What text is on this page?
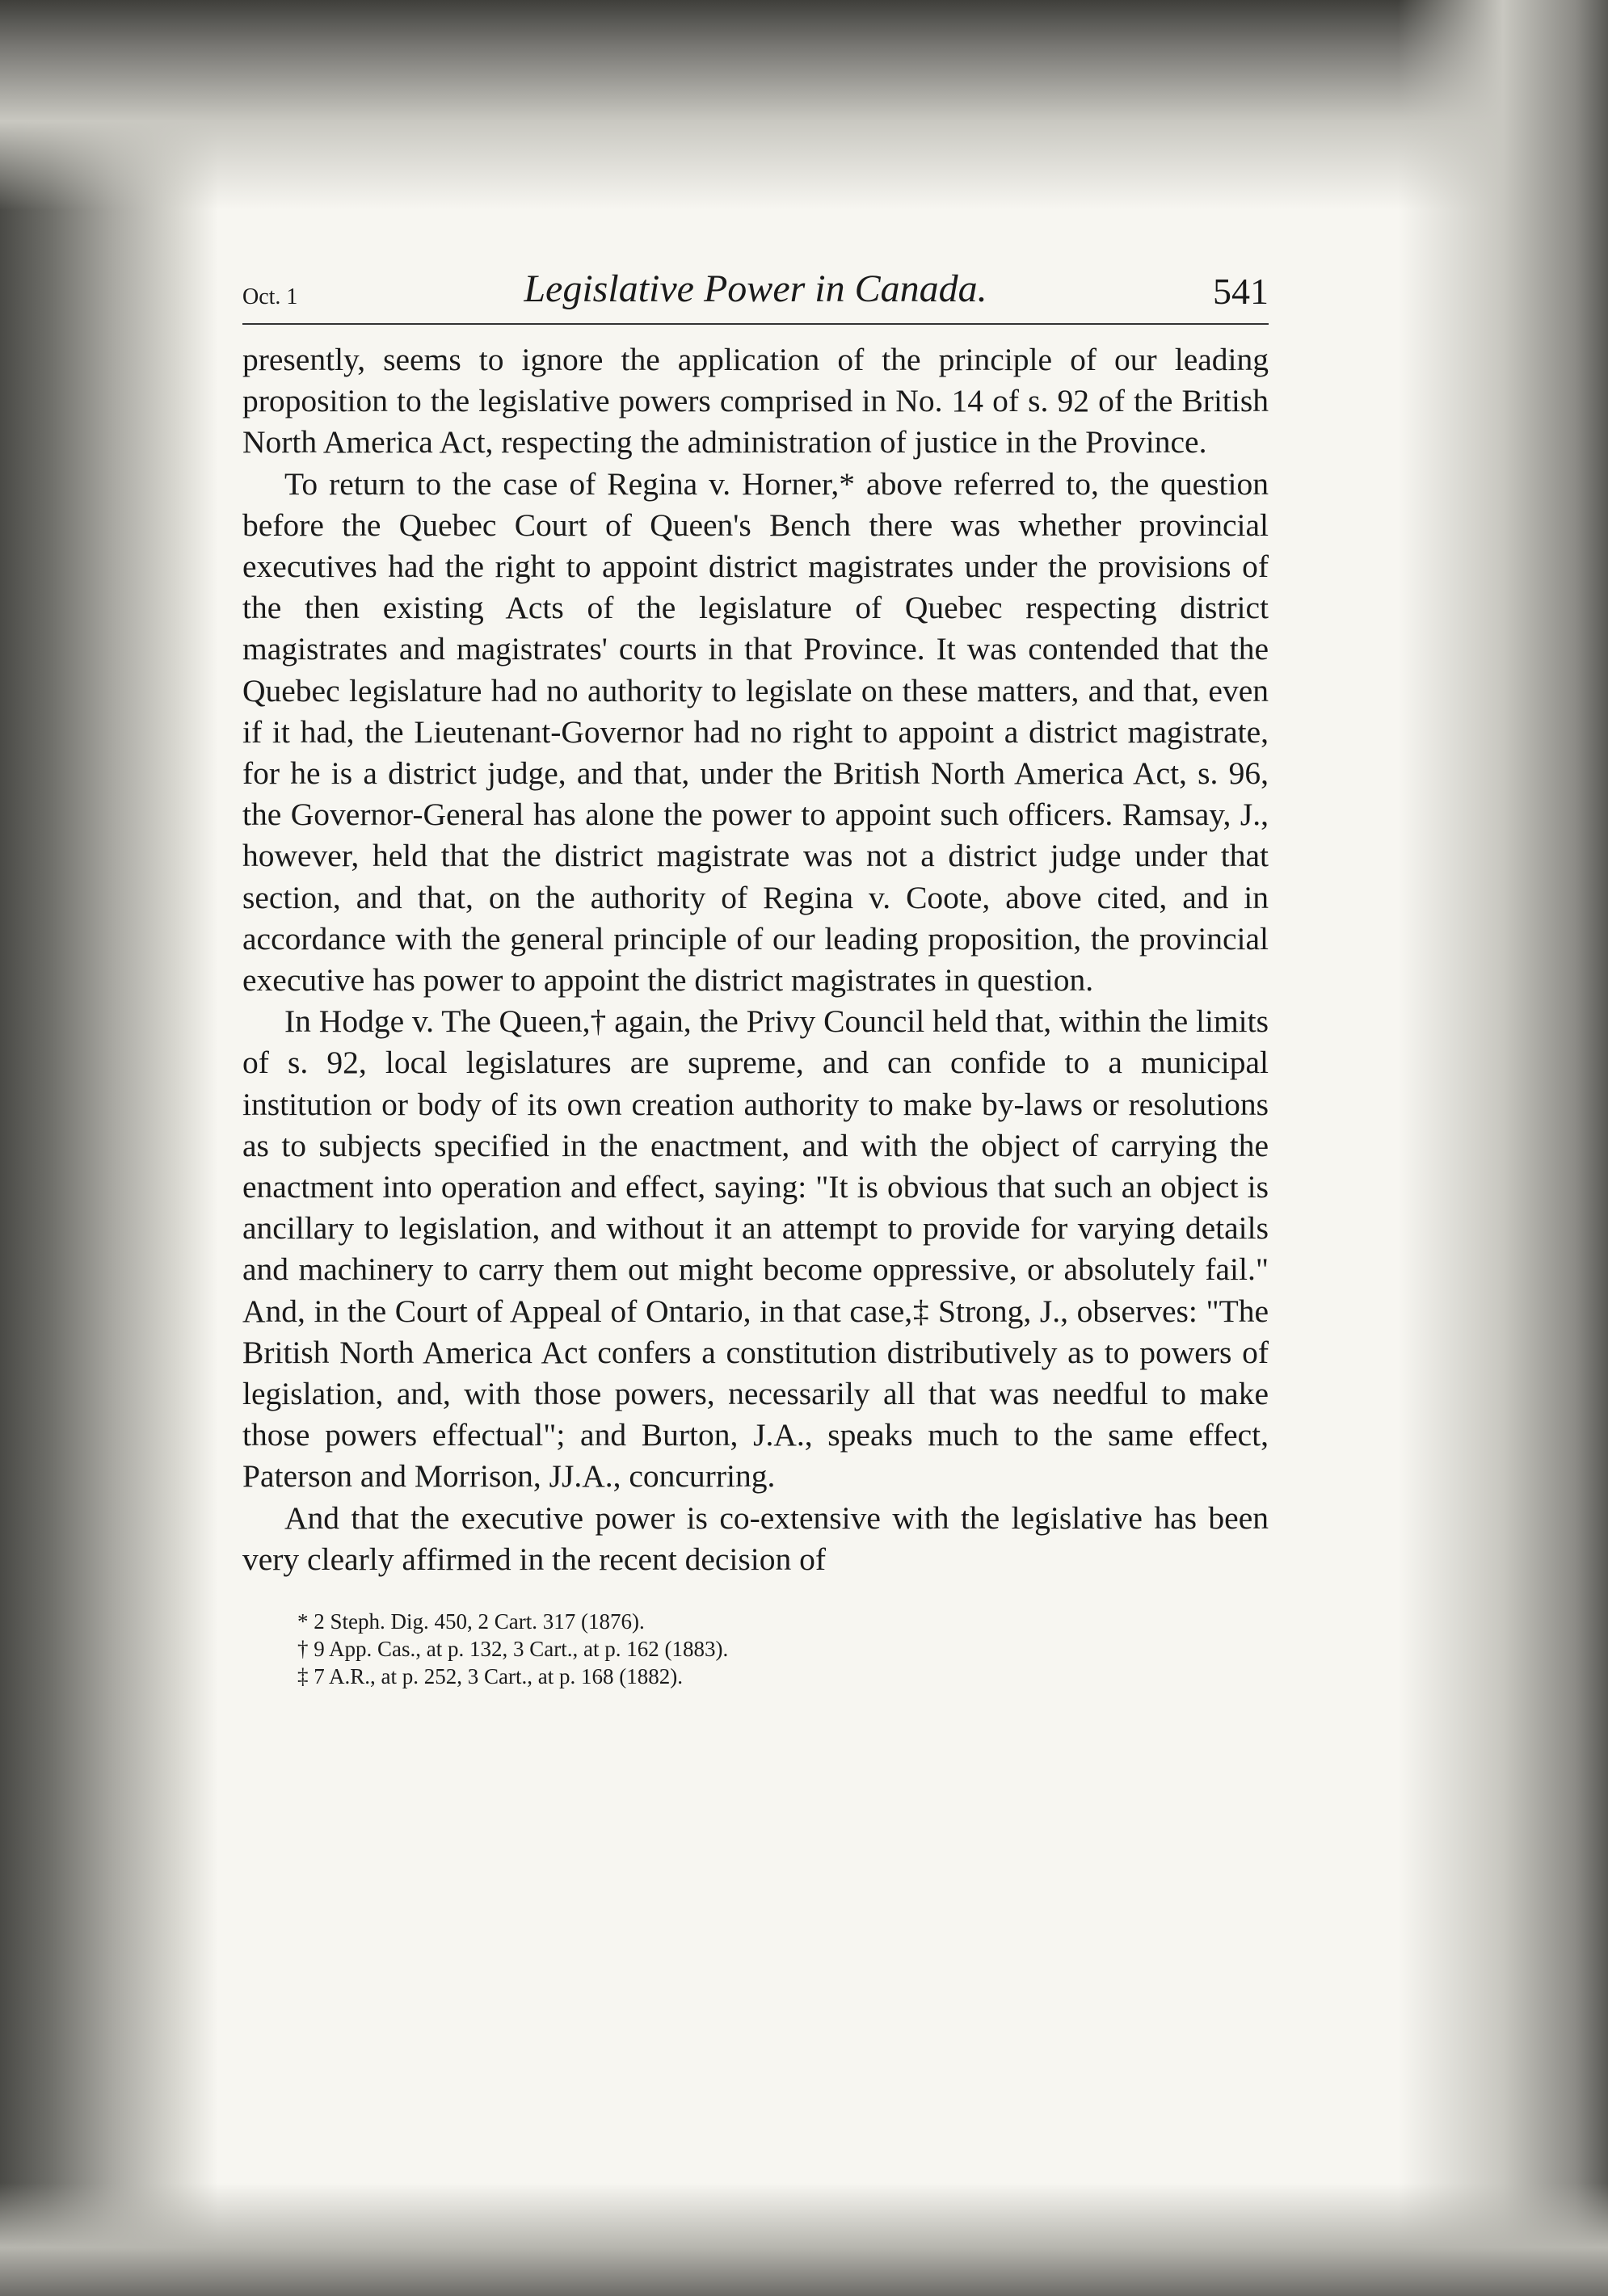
Oct. 1	Legislative Power in Canada.	541

presently, seems to ignore the application of the principle of our leading proposition to the legislative powers comprised in No. 14 of s. 92 of the British North America Act, respecting the administration of justice in the Province.

To return to the case of Regina v. Horner,* above referred to, the question before the Quebec Court of Queen's Bench there was whether provincial executives had the right to appoint district magistrates under the provisions of the then existing Acts of the legislature of Quebec respecting district magistrates and magistrates' courts in that Province. It was contended that the Quebec legislature had no authority to legislate on these matters, and that, even if it had, the Lieutenant-Governor had no right to appoint a district magistrate, for he is a district judge, and that, under the British North America Act, s. 96, the Governor-General has alone the power to appoint such officers. Ramsay, J., however, held that the district magistrate was not a district judge under that section, and that, on the authority of Regina v. Coote, above cited, and in accordance with the general principle of our leading proposition, the provincial executive has power to appoint the district magistrates in question.

In Hodge v. The Queen,† again, the Privy Council held that, within the limits of s. 92, local legislatures are supreme, and can confide to a municipal institution or body of its own creation authority to make by-laws or resolutions as to subjects specified in the enactment, and with the object of carrying the enactment into operation and effect, saying: "It is obvious that such an object is ancillary to legislation, and without it an attempt to provide for varying details and machinery to carry them out might become oppressive, or absolutely fail." And, in the Court of Appeal of Ontario, in that case,‡ Strong, J., observes: "The British North America Act confers a constitution distributively as to powers of legislation, and, with those powers, necessarily all that was needful to make those powers effectual"; and Burton, J.A., speaks much to the same effect, Paterson and Morrison, JJ.A., concurring.

And that the executive power is co-extensive with the legislative has been very clearly affirmed in the recent decision of

* 2 Steph. Dig. 450, 2 Cart. 317 (1876).
† 9 App. Cas., at p. 132, 3 Cart., at p. 162 (1883).
‡ 7 A.R., at p. 252, 3 Cart., at p. 168 (1882).
